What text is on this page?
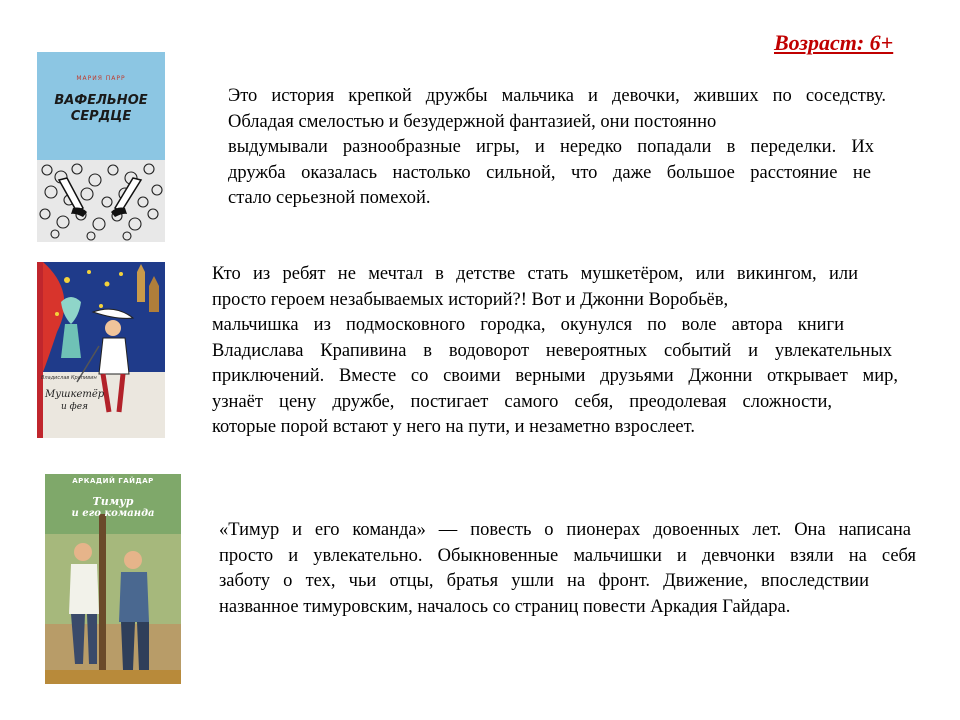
Возраст: 6+
МАРИЯ ПАРР
ВАФЕЛЬНОЕ
СЕРДЦЕ
Это история крепкой дружбы мальчика и девочки, живших по соседству.
Обладая смелостью и безудержной фантазией, они постоянно
выдумывали разнообразные игры, и нередко попадали в переделки. Их
дружба оказалась настолько сильной, что даже большое расстояние не
стало серьезной помехой.
Владислав Крапивин
Мушкетёр
и фея
Кто из ребят не мечтал в детстве стать мушкетёром, или викингом, или
просто героем незабываемых историй?! Вот и Джонни Воробьёв,
мальчишка из подмосковного городка, окунулся по воле автора книги
Владислава Крапивина в водоворот невероятных событий и увлекательных
приключений. Вместе со своими верными друзьями Джонни открывает мир,
узнаёт цену дружбе, постигает самого себя, преодолевая сложности,
которые порой встают у него на пути, и незаметно взрослеет.
АРКАДИЙ ГАЙДАР
Тимур
и его команда
«Тимур и его команда» — повесть о пионерах довоенных лет. Она написана
просто и увлекательно. Обыкновенные мальчишки и девчонки взяли на себя
заботу о тех, чьи отцы, братья ушли на фронт. Движение, впоследствии
названное тимуровским, началось со страниц повести Аркадия Гайдара.
